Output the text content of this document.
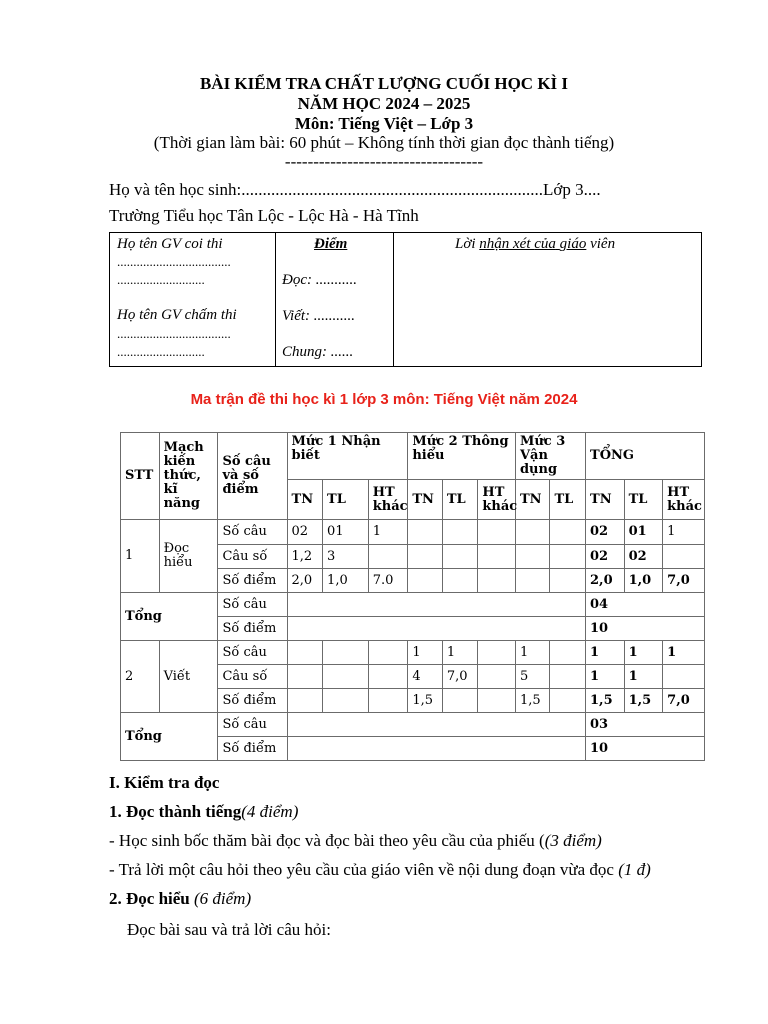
BÀI KIỂM TRA CHẤT LƯỢNG CUỐI HỌC KÌ I
NĂM HỌC 2024 – 2025
Môn: Tiếng Việt – Lớp 3
(Thời gian làm bài: 60 phút – Không tính thời gian đọc thành tiếng)
-----------------------------------
Họ và tên học sinh:.......................................................................Lớp 3....
Trường Tiểu học Tân Lộc - Lộc Hà - Hà Tĩnh
Họ tên GV coi thi
...................................
...........................
Họ tên GV chấm thi
...................................
...........................
Điểm
Đọc: ...........
Viết: ...........
Chung: ......
Lời nhận xét của giáo viên
Ma trận đề thi học kì 1 lớp 3 môn: Tiếng Việt năm 2024
STT	Mạch kiến thức, kĩ năng	Số câu và số điểm	Mức 1 Nhận biết			Mức 2 Thông hiểu			Mức 3 Vận dụng		TỔNG		
			TN	TL	HT khác	TN	TL	HT khác	TN	TL	TN	TL	HT khác
1	Đọc hiểu	Số câu	02	01	1						02	01	1
		Câu số	1,2	3							02	02	
		Số điểm	2,0	1,0	7.0						2,0	1,0	7,0
Tổng		Số câu									04		
		Số điểm									10		
2	Viết	Số câu				1	1		1		1	1	1
		Câu số				4	7,0		5		1	1	
		Số điểm				1,5			1,5		1,5	1,5	7,0
Tổng		Số câu									03		
		Số điểm									10		
I. Kiểm tra đọc
1. Đọc thành tiếng(4 điểm)
- Học sinh bốc thăm bài đọc và đọc bài theo yêu cầu của phiếu ((3 điểm)
- Trả lời một câu hỏi theo yêu cầu của giáo viên về nội dung đoạn vừa đọc (1 đ)
2. Đọc hiểu (6 điểm)
Đọc bài sau và trả lời câu hỏi:
